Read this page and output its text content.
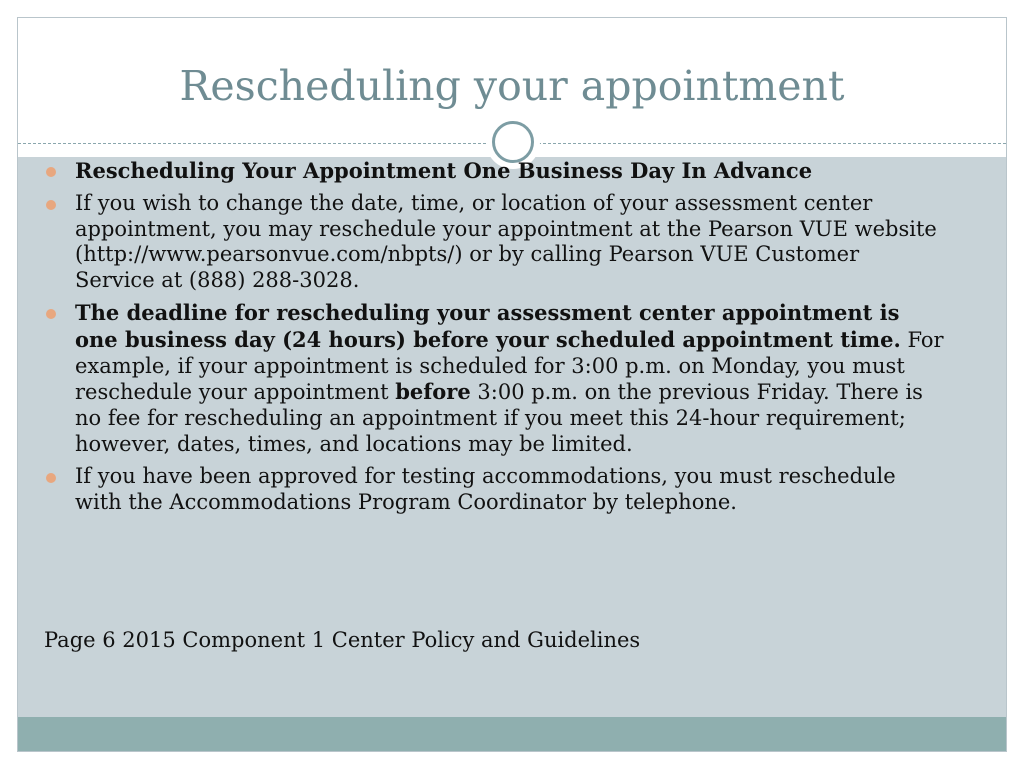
Rescheduling your appointment
Rescheduling Your Appointment One Business Day In Advance
If you wish to change the date, time, or location of your assessment center appointment, you may reschedule your appointment at the Pearson VUE website (http://www.pearsonvue.com/nbpts/) or by calling Pearson VUE Customer Service at (888) 288-3028.
The deadline for rescheduling your assessment center appointment is one business day (24 hours) before your scheduled appointment time. For example, if your appointment is scheduled for 3:00 p.m. on Monday, you must reschedule your appointment before 3:00 p.m. on the previous Friday. There is no fee for rescheduling an appointment if you meet this 24-hour requirement; however, dates, times, and locations may be limited.
If you have been approved for testing accommodations, you must reschedule with the Accommodations Program Coordinator by telephone.

Page 6 2015 Component 1 Center Policy and Guidelines
